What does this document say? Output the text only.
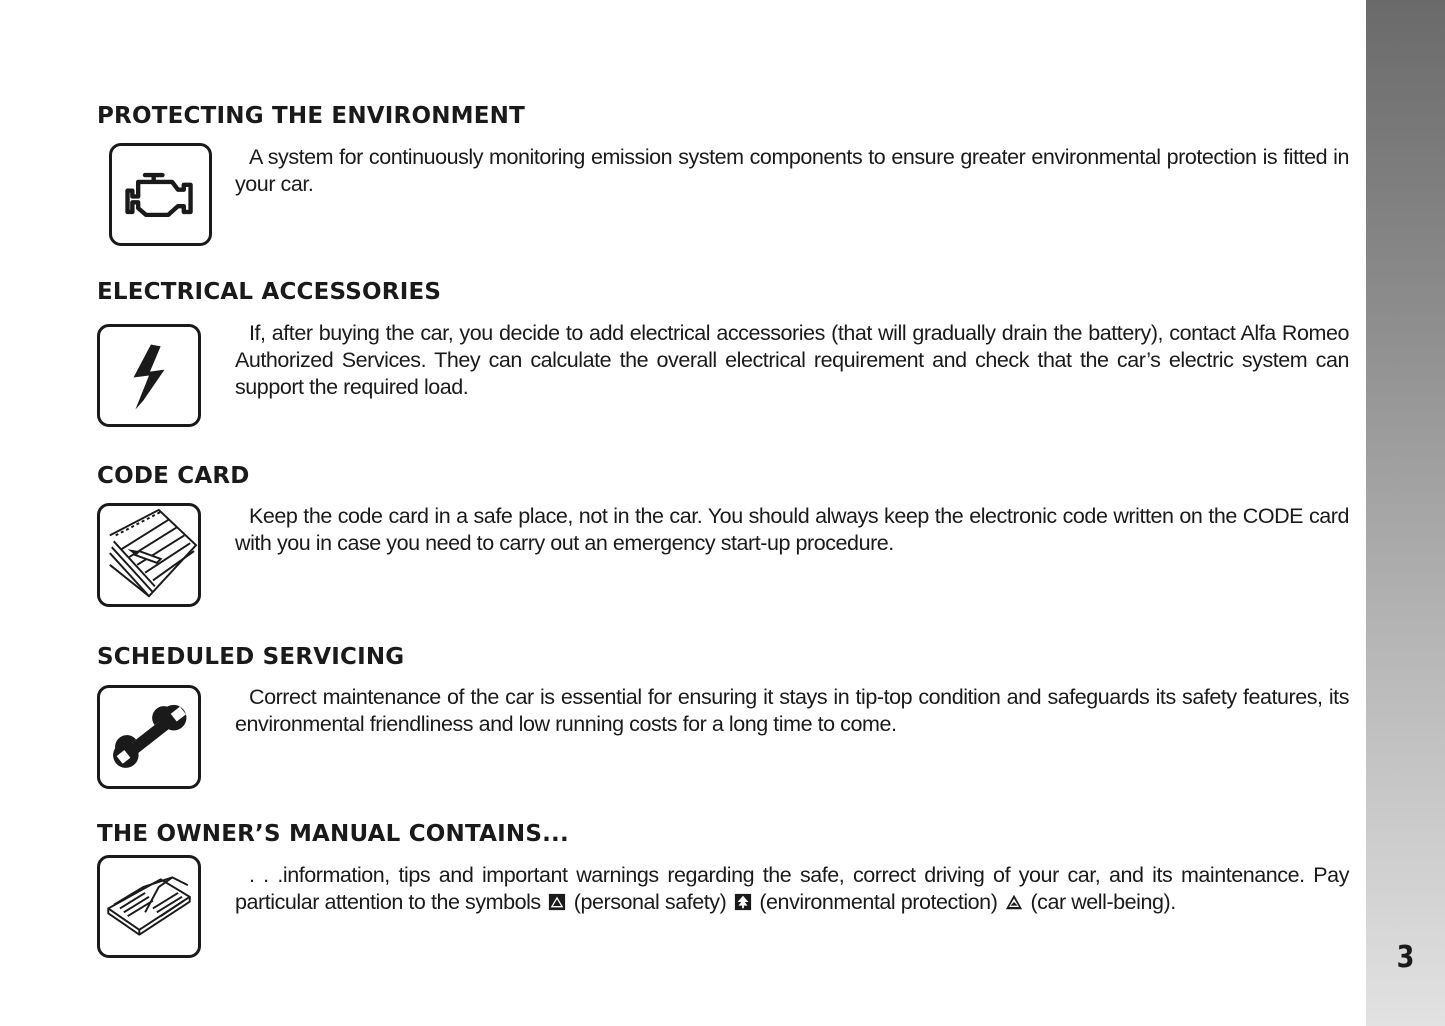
3
PROTECTING THE ENVIRONMENT

A system for continuously monitoring emission system components to ensure greater environmental protection is fitted in your car.

ELECTRICAL ACCESSORIES

If, after buying the car, you decide to add electrical accessories (that will gradually drain the battery), contact Alfa Romeo Authorized Services. They can calculate the overall electrical requirement and check that the car’s electric system can support the required load.

CODE CARD

Keep the code card in a safe place, not in the car. You should always keep the electronic code written on the CODE card with you in case you need to carry out an emergency start-up procedure.

SCHEDULED SERVICING

Correct maintenance of the car is essential for ensuring it stays in tip-top condition and safeguards its safety features, its environmental friendliness and low running costs for a long time to come.

THE OWNER’S MANUAL CONTAINS...

. . .information, tips and important warnings regarding the safe, correct driving of your car, and its maintenance. Pay particular attention to the symbols (personal safety) (environmental protection) (car well-being).
